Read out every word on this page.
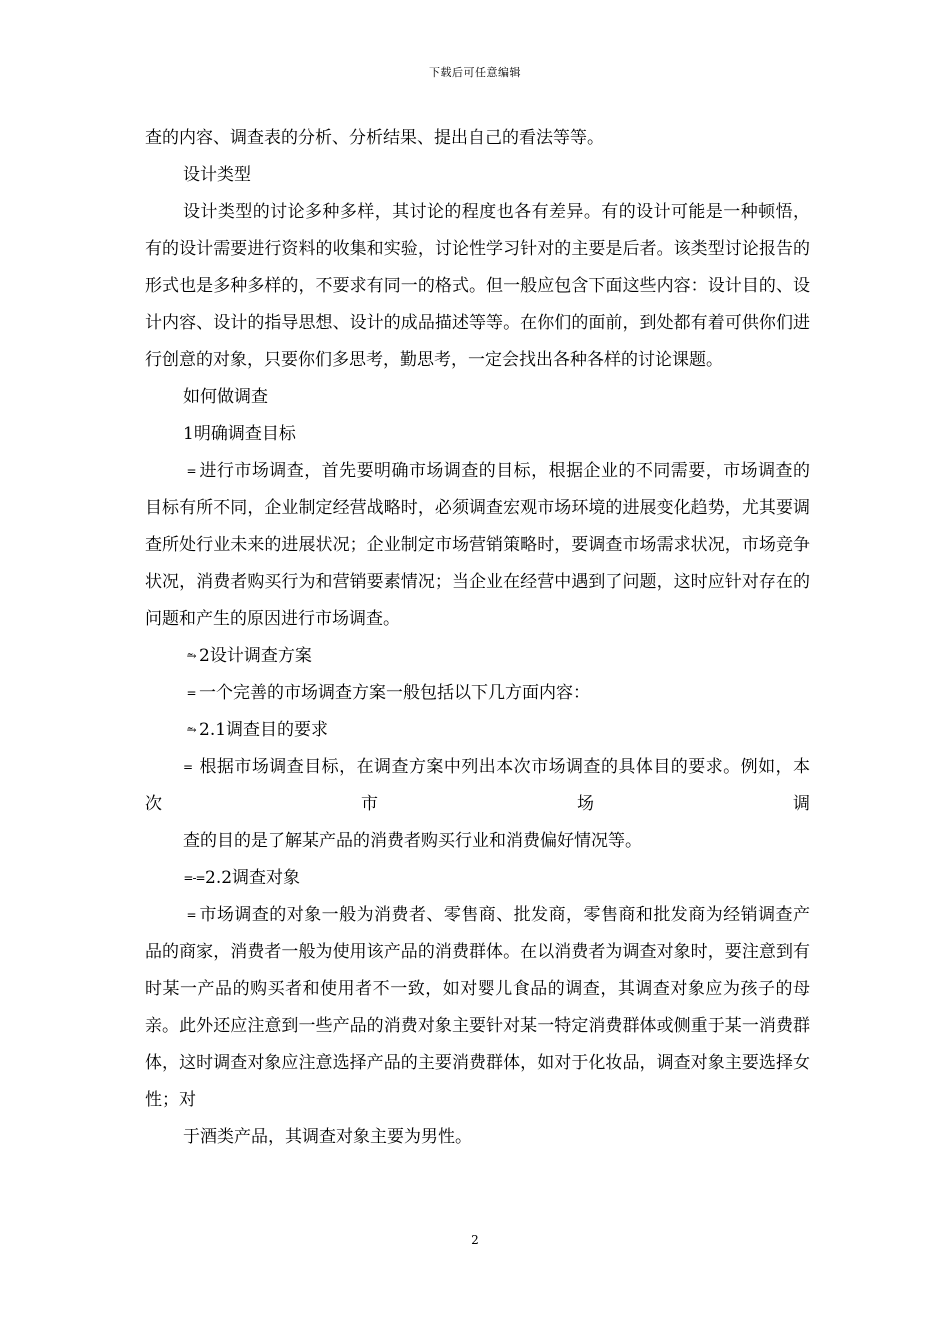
下载后可任意编辑

查的内容、调查表的分析、分析结果、提出自己的看法等等。

设计类型

设计类型的讨论多种多样，其讨论的程度也各有差异。有的设计可能是一种顿悟，有的设计需要进行资料的收集和实验，讨论性学习针对的主要是后者。该类型讨论报告的形式也是多种多样的，不要求有同一的格式。但一般应包含下面这些内容：设计目的、设计内容、设计的指导思想、设计的成品描述等等。在你们的面前，到处都有着可供你们进行创意的对象，只要你们多思考，勤思考，一定会找出各种各样的讨论课题。

如何做调查

1明确调查目标

= 进行市场调查，首先要明确市场调查的目标，根据企业的不同需要，市场调查的目标有所不同，企业制定经营战略时，必须调查宏观市场环境的进展变化趋势，尤其要调查所处行业未来的进展状况；企业制定市场营销策略时，要调查市场需求状况，市场竞争状况，消费者购买行为和营销要素情况；当企业在经营中遇到了问题，这时应针对存在的问题和产生的原因进行市场调查。

⥲ 2设计调查方案

= 一个完善的市场调查方案一般包括以下几方面内容：

⥲ 2.1调查目的要求

= 根据市场调查目标，在调查方案中列出本次市场调查的具体目的要求。例如，本次市场调

查的目的是了解某产品的消费者购买行业和消费偏好情况等。

=-=2.2调查对象

= 市场调查的对象一般为消费者、零售商、批发商，零售商和批发商为经销调查产品的商家，消费者一般为使用该产品的消费群体。在以消费者为调查对象时，要注意到有时某一产品的购买者和使用者不一致，如对婴儿食品的调查，其调查对象应为孩子的母亲。此外还应注意到一些产品的消费对象主要针对某一特定消费群体或侧重于某一消费群体，这时调查对象应注意选择产品的主要消费群体，如对于化妆品，调查对象主要选择女性；对

于酒类产品，其调查对象主要为男性。

2
